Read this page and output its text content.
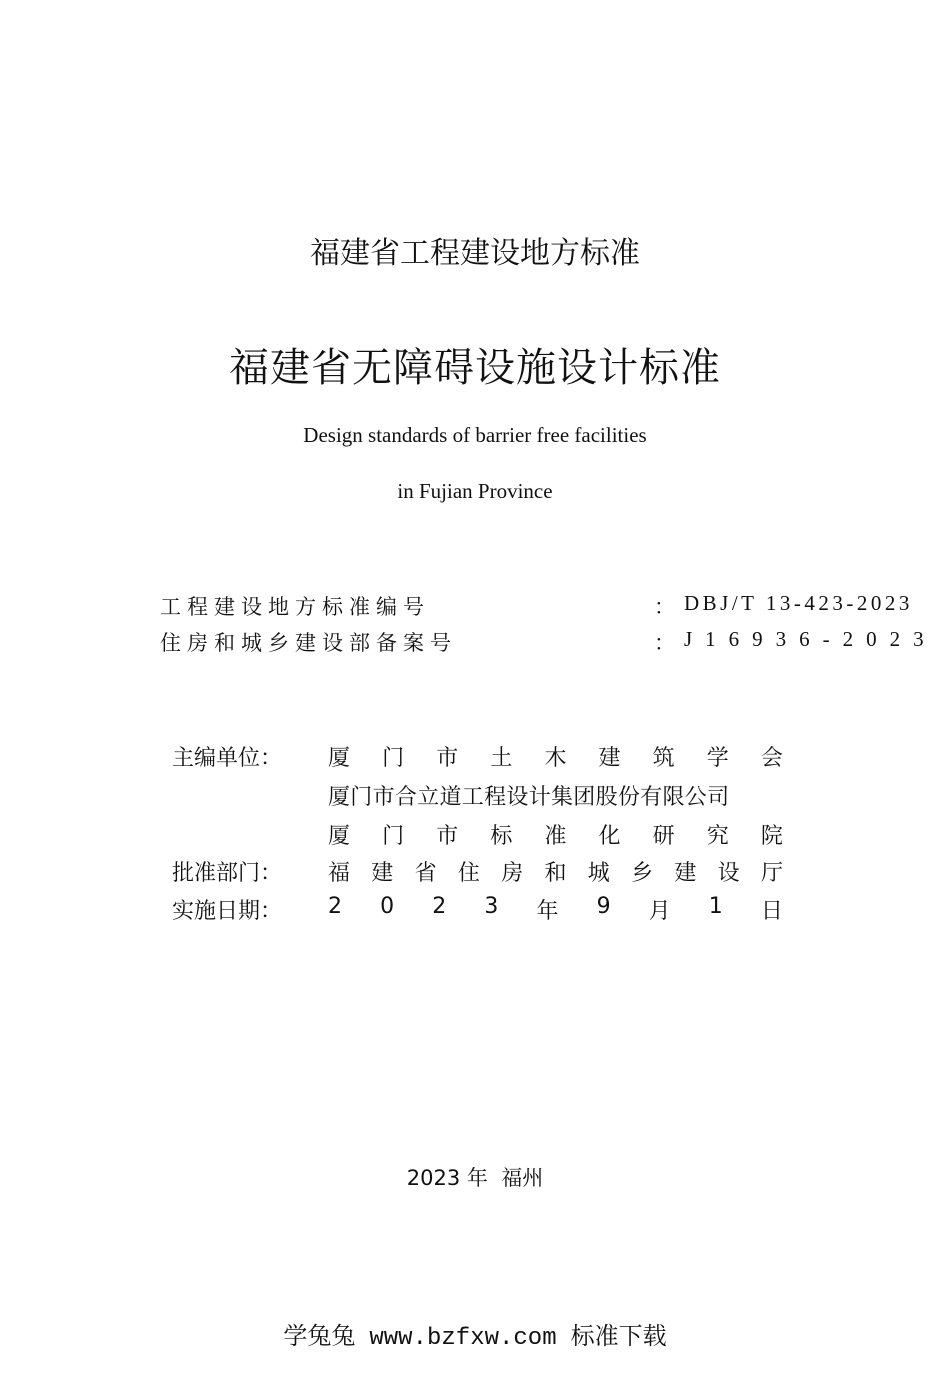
福建省工程建设地方标准
福建省无障碍设施设计标准
Design standards of barrier free facilities
in Fujian Province
工程建设地方标准编号	： DBJ/T 13-423-2023
住房和城乡建设部备案号	： J16936-2023
主编单位： 厦 门 市 土 木 建 筑 学 会
厦门市合立道工程设计集团股份有限公司
厦 门 市 标 准 化 研 究 院
批准部门： 福 建 省 住 房 和 城 乡 建 设 厅
实施日期： 2 0 2 3 年 9 月 1 日
2023 年  福州
学兔兔 www.bzfxw.com 标准下载
